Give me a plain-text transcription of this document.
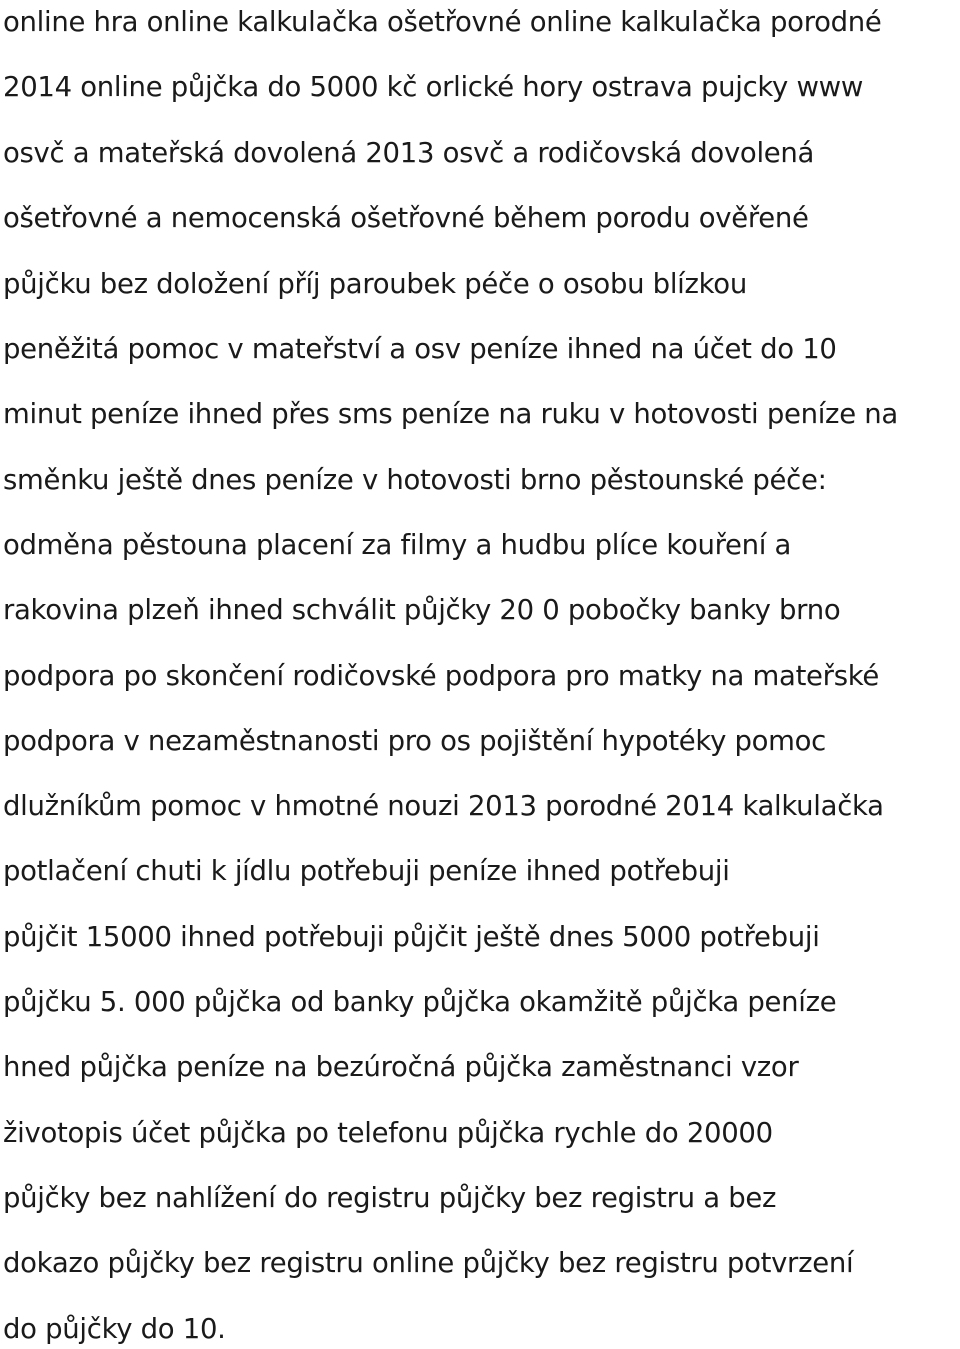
online hra online kalkulačka ošetřovné online kalkulačka porodné
2014 online půjčka do 5000 kč orlické hory ostrava pujcky www
osvč a mateřská dovolená 2013 osvč a rodičovská dovolená
ošetřovné a nemocenská ošetřovné během porodu ověřené
půjčku bez doložení příj paroubek péče o osobu blízkou
peněžitá pomoc v mateřství a osv peníze ihned na účet do 10
minut peníze ihned přes sms peníze na ruku v hotovosti peníze na
směnku ještě dnes peníze v hotovosti brno pěstounské péče:
odměna pěstouna placení za filmy a hudbu plíce kouření a
rakovina plzeň ihned schválit půjčky 20 0 pobočky banky brno
podpora po skončení rodičovské podpora pro matky na mateřské
podpora v nezaměstnanosti pro os pojištění hypotéky pomoc
dlužníkům pomoc v hmotné nouzi 2013 porodné 2014 kalkulačka
potlačení chuti k jídlu potřebuji peníze ihned potřebuji
půjčit 15000 ihned potřebuji půjčit ještě dnes 5000 potřebuji
půjčku 5. 000 půjčka od banky půjčka okamžitě půjčka peníze
hned půjčka peníze na bezúročná půjčka zaměstnanci vzor
životopis účet půjčka po telefonu půjčka rychle do 20000
půjčky bez nahlížení do registru půjčky bez registru a bez
dokazo půjčky bez registru online půjčky bez registru potvrzení
do půjčky do 10.
